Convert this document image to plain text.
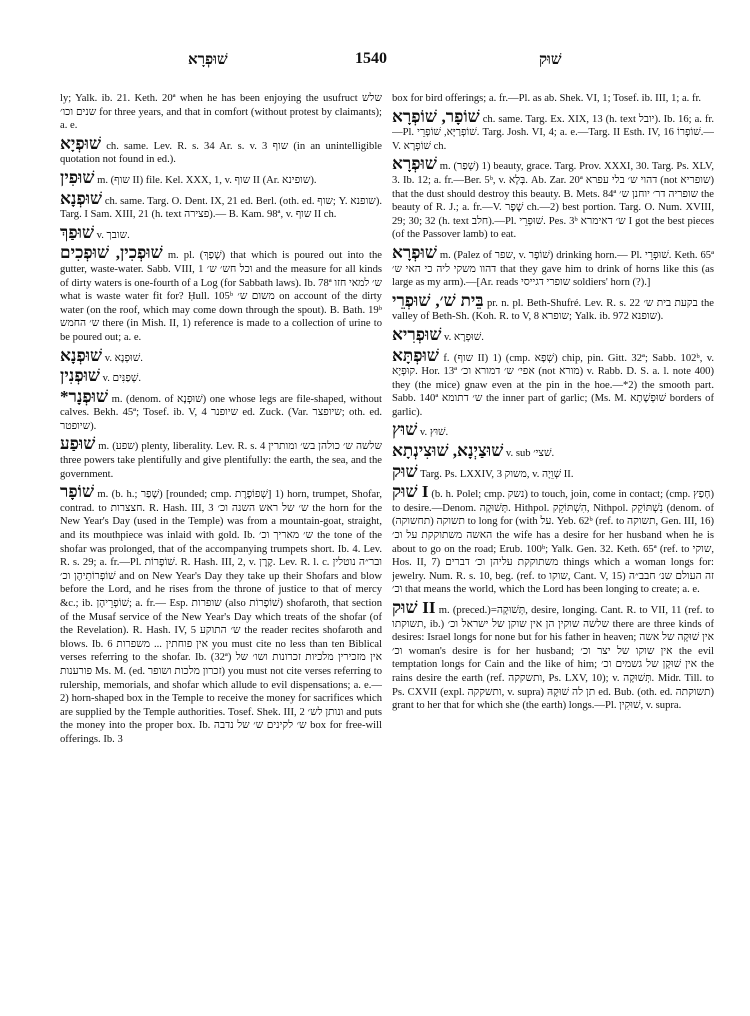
שׁוּפְרָא	1540	שׁוּק

ly; Yalk. ib. 21. Keth. 20ª when he has been enjoying the usufruct שלש שנים וכו׳ for three years, and that in comfort (without protest by claimants); a. e.

שׁוּפְיָא ch. same. Lev. R. s. 34 Ar. s. v. שוף 3 (in an unintelligible quotation not found in ed.).

שׁוּפִין m. (שוף II) file. Kel. XXX, 1, v. שוף II (Ar. שופינא).

שׁוּפְנָא ch. same. Targ. O. Dent. IX, 21 ed. Berl. (oth. ed. שוף; Y. שופנא). Targ. I Sam. XIII, 21 (h. text פצירה).— B. Kam. 98ª, v. שוף II ch.

שׁוּפַךְ v. שובך.

שׁוּפְכִין, שׁוּפְכִים m. pl. (שָׁפַךְ) that which is poured out into the gutter, waste-water. Sabb. VIII, 1 וכל חש׳ ש׳ and the measure for all kinds of dirty waters is one-fourth of a Log (for Sabbath laws). Ib. 78ª ש׳ למאי חזו what is waste water fit for? Ḥull. 105ᵇ משום ש׳ on account of the dirty water (on the roof, which may come down through the spout). B. Bath. 19ᵇ ש׳ החמש there (in Mish. II, 1) reference is made to a collection of urine to be poured out; a. e.

שׁוּפְנָא v. שׁוּפְנָא.

שׁוּפְנִין v. שְׁפַנִּים.

*שׁוּפְנָר m. (denom. of שׁוּפְנָא) one whose legs are file-shaped, without calves. Bekh. 45ª; Tosef. ib. V, 4 שיופנר ed. Zuck. (Var. שיופצר; oth. ed. שיופטר).

שׁוּפַע m. (שפע) plenty, liberality. Lev. R. s. 4 שלשה ש׳ כולהן בש׳ ומותרין three powers take plentifully and give plentifully: the earth, the sea, and the government.

שׁוֹפָר m. (b. h.; שָׁפַר) [rounded; cmp. שְׁפוֹפֶרֶת] 1) horn, trumpet, Shofar, contrad. to חצצרות. R. Hash. III, 3 ש׳ של ראש השנה וכ׳ the horn for the New Year's Day (used in the Temple) was from a mountain-goat, straight, and its mouthpiece was inlaid with gold. Ib. ש׳ מאריך וכ׳ the tone of the shofar was prolonged, that of the accompanying trumpets short. Ib. 4. Lev. R. s. 29; a. fr.—Pl. שׁוֹפָרוֹת. R. Hash. III, 2, v. קֶרֶן. Lev. R. l. c. ובר״ה נוטלין שׁוֹפְרוֹתֵיהֶן וכ׳ and on New Year's Day they take up their Shofars and blow before the Lord, and he rises from the throne of justice to that of mercy &c.; ib. שׁוֹפְרֵיהֶן; a. fr.— Esp. שופרות (also שׁוֹפָרוֹת) shofaroth, that section of the Musaf service of the New Year's Day which treats of the shofar (of the Revelation). R. Hash. IV, 5 ש׳ התוקע the reader recites shofaroth and blows. Ib. 6 אין פוחתין ... משפרות you must cite no less than ten Biblical verses referring to the shofar. Ib. (32ª) אין מזכירין מלכיות זכרונות ושו׳ של פורענות Ms. M. (ed. זכרון מלכות ושופר) you must not cite verses referring to rulership, memorials, and shofar which allude to evil dispensations; a. e.—2) horn-shaped box in the Temple to receive the money for sacrifices which are supplied by the Temple authorities. Tosef. Shek. III, 2 ונותן לש׳ and puts the money into the proper box. Ib. ש׳ לקינים ש׳ של נדבה box for free-will offerings. Ib. 3

box for bird offerings; a. fr.—Pl. as ab. Shek. VI, 1; Tosef. ib. III, 1; a. fr.

שׁוֹפָר, שׁוֹפְרָא ch. same. Targ. Ex. XIX, 13 (h. text יובל). Ib. 16; a. fr.—Pl. שׁוֹפְרַיָּא, שׁוֹפְרֵי. Targ. Josh. VI, 4; a. e.—Targ. II Esth. IV, 16 שׁוֹפְרוֹ.—V. שׁוֹפְרָא ch.

שׁוּפְרָא m. (שְׁפַר) 1) beauty, grace. Targ. Prov. XXXI, 30. Targ. Ps. XLV, 3. Ib. 12; a. fr.—Ber. 5ᵇ, v. בְּלָא. Ab. Zar. 20ª דהוי ש׳ בלי עפרא (not שופריא) that the dust should destroy this beauty. B. Mets. 84ª שופריה דר׳ יוחנן ש׳ the beauty of R. J.; a. fr.—V. שֶׁפֶר ch.—2) best portion. Targ. O. Num. XVIII, 29; 30; 32 (h. text חלב).—Pl. שׁוּפְרֵי. Pes. 3ᵇ ש׳ דאימרא I got the best pieces (of the Passover lamb) to eat.

שׁוּפְרָא m. (Palez of שפר, v. שׁוֹפָר) drinking horn.— Pl. שׁוּפְרֵי. Keth. 65ª דהוו משקי ליה כי האי ש׳ that they gave him to drink of horns like this (as large as my arm).—[Ar. reads שופרי דגייסי soldiers' horn (?).]

בֵּית שׁ׳, שׁוּפְרֵי pr. n. pl. Beth-Shufré. Lev. R. s. 22 בקעת בית ש׳ the valley of Beth-Sh. (Koh. R. to V, 8 שופרא; Yalk. ib. 972 שופנא).

שׁוּפְרִיא v. שׁוּפְרָא.

שׁוּפְתָּא f. (שוף II) 1) (cmp. שְׁפָא) chip, pin. Gitt. 32ª; Sabb. 102ᵇ, v. קוּפְיָא. Hor. 13ª אפי׳ ש׳ דמורא וכ׳ (not מורא) v. Rabb. D. S. a. l. note 400) they (the mice) gnaw even at the pin in the hoe.—*2) the smooth part. Sabb. 140ª ש׳ דתומא the inner part of garlic; (Ms. M. שׁוּפְשָׁתָא borders of garlic).

שׁוּץ v. שׁוּץ.

שׁוּצַיְנָא, שׁוּצִינְתָא v. sub שׁצי׳.

שׁוּק Targ. Ps. LXXIV, 3 משוק, v. שְׁוֵיָה II.

שׁוּק I (b. h. Polel; cmp. נשק) to touch, join, come in contact; (cmp. חָפַץ) to desire.—Denom. תְּשׁוּקָה. Hithpol. הִשְׁתּוֹקֵק, Nithpol. נִשְׁתּוֹקֵק (denom. of תשוקה (תחשוקה) to long for (with על. Yeb. 62ᵇ (ref. to תשוקה, Gen. III, 16) האשה משתוקקת על וכ׳ the wife has a desire for her husband when he is about to go on the road; Erub. 100ᵇ; Yalk. Gen. 32. Keth. 65ª (ref. to שוקי, Hos. II, 7) משתוקקת עליהן וכ׳ דברים things which a woman longs for: jewelry. Num. R. s. 10, beg. (ref. to שוקו, Cant. V, 15) זה העולם שנ׳ חבב״ה וכ׳ that means the world, which the Lord has been longing to create; a. e.

שׁוּק II m. (preced.)=תְּשׁוּקָה, desire, longing. Cant. R. to VII, 11 (ref. to תשוקתו, ib.) שלשה שוקין הן אין שוקן של ישראל וכ׳ there are three kinds of desires: Israel longs for none but for his father in heaven; אין שׁוּקָה של אשה וכ׳ woman's desire is for her husband; אין שוקו של יצר וכ׳ the evil temptation longs for Cain and the like of him; אין שׁוּקָן של גשמים וכ׳ the rains desire the earth (ref. ותשקקה, Ps. LXV, 10); v. תְּשׁוּקָה. Midr. Till. to Ps. CXVII (expl. ותשקקה, v. supra) תן לה שׁוּקָהּ ed. Bub. (oth. ed. תשוקתה) grant to her that for which she (the earth) longs.—Pl. שׁוּקִין, v. supra.
